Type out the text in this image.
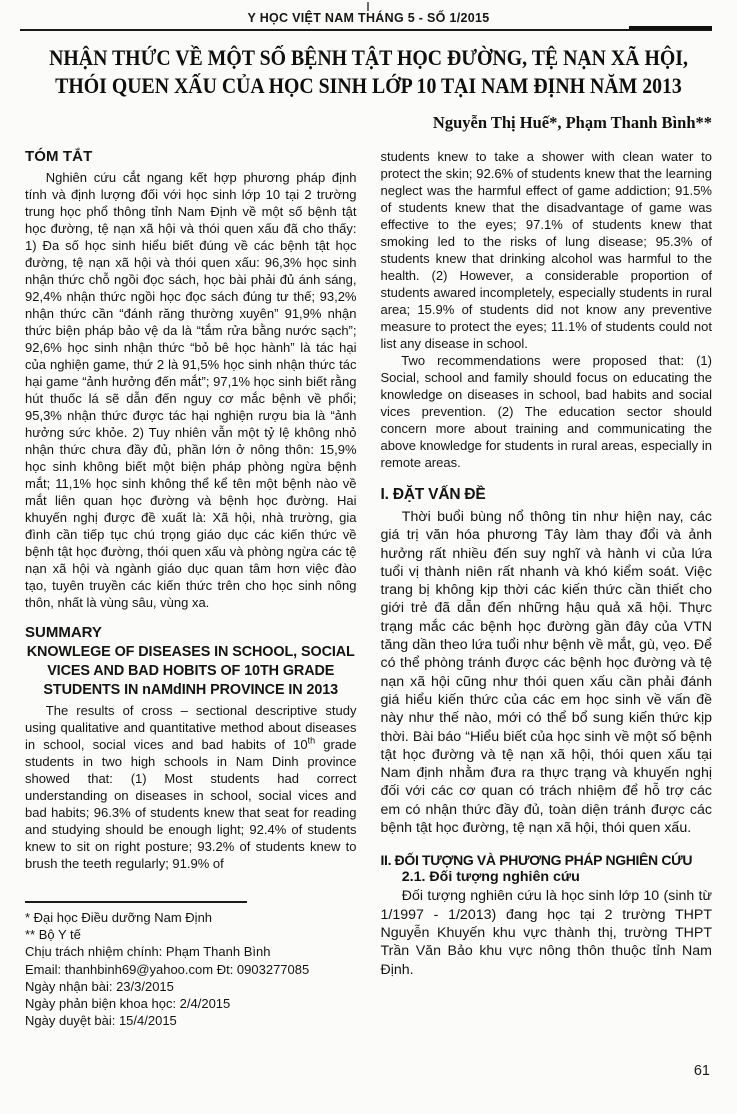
Y HỌC VIỆT NAM THÁNG 5 - SỐ 1/2015
NHẬN THỨC VỀ MỘT SỐ BỆNH TẬT HỌC ĐƯỜNG, TỆ NẠN XÃ HỘI,
THÓI QUEN XẤU CỦA HỌC SINH LỚP 10 TẠI NAM ĐỊNH NĂM 2013
Nguyễn Thị Huế*, Phạm Thanh Bình**
TÓM TẮT

Nghiên cứu cắt ngang kết hợp phương pháp định tính và định lượng đối với học sinh lớp 10 tại 2 trường trung học phổ thông tỉnh Nam Định về một số bệnh tật học đường, tệ nạn xã hội và thói quen xấu đã cho thấy: 1) Đa số học sinh hiểu biết đúng về các bệnh tật học đường, tệ nạn xã hội và thói quen xấu: 96,3% học sinh nhận thức chỗ ngồi đọc sách, học bài phải đủ ánh sáng, 92,4% nhận thức ngồi học đọc sách đúng tư thế; 93,2% nhận thức cần “đánh răng thường xuyên” 91,9% nhận thức biện pháp bảo vệ da là “tắm rửa bằng nước sạch”; 92,6% học sinh nhận thức “bỏ bê học hành” là tác hại của nghiện game, thứ 2 là 91,5% học sinh nhận thức tác hại game “ảnh hưởng đến mắt”; 97,1% học sinh biết rằng hút thuốc lá sẽ dẫn đến nguy cơ mắc bệnh về phổi; 95,3% nhận thức được tác hại nghiện rượu bia là “ảnh hưởng sức khỏe. 2) Tuy nhiên vẫn một tỷ lệ không nhỏ nhận thức chưa đầy đủ, phần lớn ở nông thôn: 15,9% học sinh không biết một biện pháp phòng ngừa bệnh mắt; 11,1% học sinh không thể kể tên một bệnh nào về mắt liên quan học đường và bệnh học đường. Hai khuyến nghị được đề xuất là: Xã hội, nhà trường, gia đình cần tiếp tục chú trọng giáo dục các kiến thức về bệnh tật học đường, thói quen xấu và phòng ngừa các tệ nạn xã hội và ngành giáo dục quan tâm hơn việc đào tạo, tuyên truyền các kiến thức trên cho học sinh nông thôn, nhất là vùng sâu, vùng xa.

SUMMARY
KNOWLEGE OF DISEASES IN SCHOOL, SOCIAL VICES AND BAD HOBITS OF 10TH GRADE STUDENTS IN nAMdINH PROVINCE IN 2013

The results of cross – sectional descriptive study using qualitative and quantitative method about diseases in school, social vices and bad habits of 10th grade students in two high schools in Nam Dinh province showed that: (1) Most students had correct understanding on diseases in school, social vices and bad habits; 96.3% of students knew that seat for reading and studying should be enough light; 92.4% of students knew to sit on right posture; 93.2% of students knew to brush the teeth regularly; 91.9% of

students knew to take a shower with clean water to protect the skin; 92.6% of students knew that the learning neglect was the harmful effect of game addiction; 91.5% of students knew that the disadvantage of game was effective to the eyes; 97.1% of students knew that smoking led to the risks of lung disease; 95.3% of students knew that drinking alcohol was harmful to the health. (2) However, a considerable proportion of students awared incompletely, especially students in rural area; 15.9% of students did not know any preventive measure to protect the eyes; 11.1% of students could not list any disease in school.

Two recommendations were proposed that: (1) Social, school and family should focus on educating the knowledge on diseases in school, bad habits and social vices prevention. (2) The education sector should concern more about training and communicating the above knowledge for students in rural areas, especially in remote areas.

I. ĐẶT VẤN ĐỀ

Thời buổi bùng nổ thông tin như hiện nay, các giá trị văn hóa phương Tây làm thay đổi và ảnh hưởng rất nhiều đến suy nghĩ và hành vi của lứa tuổi vị thành niên rất nhanh và khó kiểm soát. Việc trang bị không kịp thời các kiến thức cần thiết cho giới trẻ đã dẫn đến những hậu quả xã hội. Thực trạng mắc các bệnh học đường gần đây của VTN tăng dần theo lứa tuổi như bệnh về mắt, gù, vẹo. Để có thể phòng tránh được các bệnh học đường và tệ nạn xã hội cũng như thói quen xấu cần phải đánh giá hiểu kiến thức của các em học sinh về vấn đề này như thế nào, mới có thể bổ sung kiến thức kịp thời. Bài báo “Hiểu biết của học sinh về một số bệnh tật học đường và tệ nạn xã hội, thói quen xấu tại Nam định nhằm đưa ra thực trạng và khuyến nghị đối với các cơ quan có trách nhiệm để hỗ trợ các em có nhận thức đầy đủ, toàn diện tránh được các bệnh tật học đường, tệ nạn xã hội, thói quen xấu.

II. ĐỐI TƯỢNG VÀ PHƯƠNG PHÁP NGHIÊN CỨU
2.1. Đối tượng nghiên cứu

Đối tượng nghiên cứu là học sinh lớp 10 (sinh từ 1/1997 - 1/2013) đang học tại 2 trường THPT Nguyễn Khuyến khu vực thành thị, trường THPT Trần Văn Bảo khu vực nông thôn thuộc tỉnh Nam Định.

* Đại học Điều dưỡng Nam Định
** Bộ Y tế
Chịu trách nhiệm chính: Phạm Thanh Bình
Email: thanhbinh69@yahoo.com Đt: 0903277085
Ngày nhận bài: 23/3/2015
Ngày phản biện khoa học: 2/4/2015
Ngày duyệt bài: 15/4/2015
61
